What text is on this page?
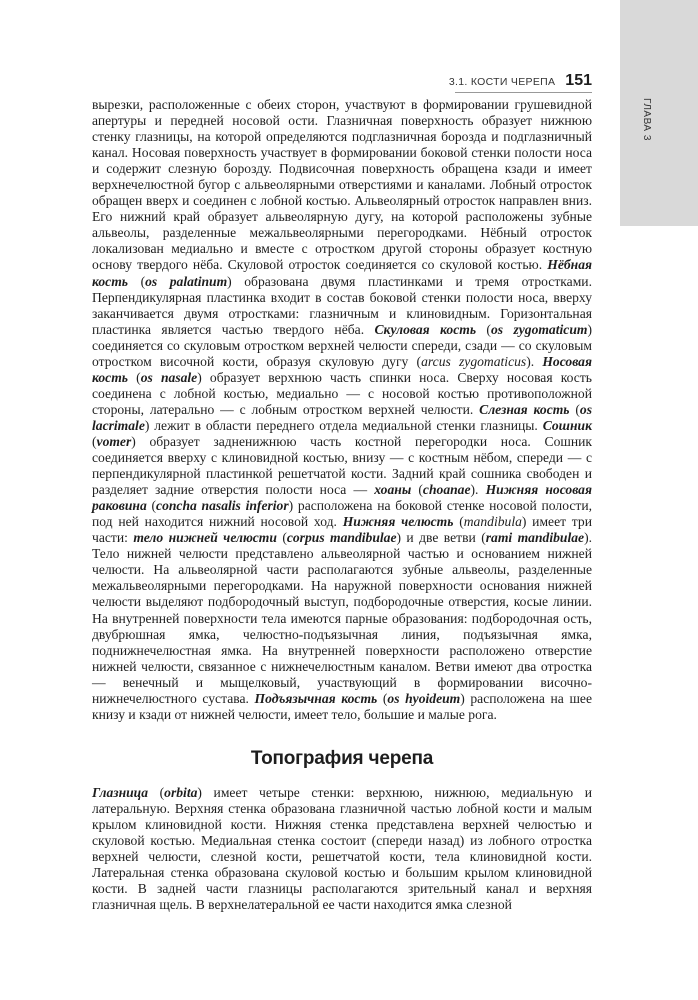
ГЛАВА 3
3.1. КОСТИ ЧЕРЕПА 151

вырезки, расположенные с обеих сторон, участвуют в формировании грушевидной апертуры и передней носовой ости. Глазничная поверхность образует нижнюю стенку глазницы, на которой определяются подглазничная борозда и подглазничный канал. Носовая поверхность участвует в формировании боковой стенки полости носа и содержит слезную борозду. Подвисочная поверхность обращена кзади и имеет верхнечелюстной бугор с альвеолярными отверстиями и каналами. Лобный отросток обращен вверх и соединен с лобной костью. Альвеолярный отросток направлен вниз. Его нижний край образует альвеолярную дугу, на которой расположены зубные альвеолы, разделенные межальвеолярными перегородками. Нёбный отросток локализован медиально и вместе с отростком другой стороны образует костную основу твердого нёба. Скуловой отросток соединяется со скуловой костью. Нёбная кость (os palatinum) образована двумя пластинками и тремя отростками. Перпендикулярная пластинка входит в состав боковой стенки полости носа, вверху заканчивается двумя отростками: глазничным и клиновидным. Горизонтальная пластинка является частью твердого нёба. Скуловая кость (os zygomaticum) соединяется со скуловым отростком верхней челюсти спереди, сзади — со скуловым отростком височной кости, образуя скуловую дугу (arcus zygomaticus). Носовая кость (os nasale) образует верхнюю часть спинки носа. Сверху носовая кость соединена с лобной костью, медиально — с носовой костью противоположной стороны, латерально — с лобным отростком верхней челюсти. Слезная кость (os lacrimale) лежит в области переднего отдела медиальной стенки глазницы. Сошник (vomer) образует задненижнюю часть костной перегородки носа. Сошник соединяется вверху с клиновидной костью, внизу — с костным нёбом, спереди — с перпендикулярной пластинкой решетчатой кости. Задний край сошника свободен и разделяет задние отверстия полости носа — хоаны (choanae). Нижняя носовая раковина (concha nasalis inferior) расположена на боковой стенке носовой полости, под ней находится нижний носовой ход. Нижняя челюсть (mandibula) имеет три части: тело нижней челюсти (corpus mandibulae) и две ветви (rami mandibulae). Тело нижней челюсти представлено альвеолярной частью и основанием нижней челюсти. На альвеолярной части располагаются зубные альвеолы, разделенные межальвеолярными перегородками. На наружной поверхности основания нижней челюсти выделяют подбородочный выступ, подбородочные отверстия, косые линии. На внутренней поверхности тела имеются парные образования: подбородочная ость, двубрюшная ямка, челюстно-подъязычная линия, подъязычная ямка, поднижнечелюстная ямка. На внутренней поверхности расположено отверстие нижней челюсти, связанное с нижнечелюстным каналом. Ветви имеют два отростка — венечный и мыщелковый, участвующий в формировании височно-нижнечелюстного сустава. Подъязычная кость (os hyoideum) расположена на шее книзу и кзади от нижней челюсти, имеет тело, большие и малые рога.

Топография черепа

Глазница (orbita) имеет четыре стенки: верхнюю, нижнюю, медиальную и латеральную. Верхняя стенка образована глазничной частью лобной кости и малым крылом клиновидной кости. Нижняя стенка представлена верхней челюстью и скуловой костью. Медиальная стенка состоит (спереди назад) из лобного отростка верхней челюсти, слезной кости, решетчатой кости, тела клиновидной кости. Латеральная стенка образована скуловой костью и большим крылом клиновидной кости. В задней части глазницы располагаются зрительный канал и верхняя глазничная щель. В верхнелатеральной ее части находится ямка слезной
